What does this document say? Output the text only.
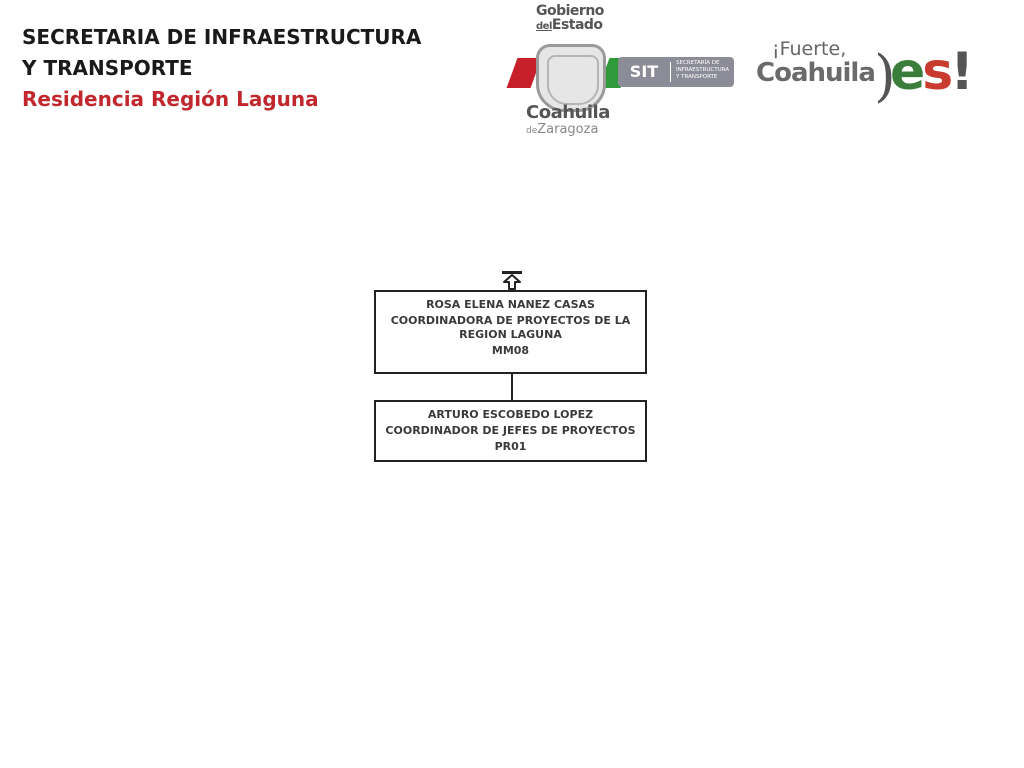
SECRETARIA DE INFRAESTRUCTURA
Y TRANSPORTE
Residencia Región Laguna
Gobierno
delEstado
Coahuila
deZaragoza
SIT	SECRETARÍA DE
INFRAESTRUCTURA
Y TRANSPORTE
¡Fuerte,
Coahuila )
es!
ROSA ELENA NANEZ CASAS
COORDINADORA DE PROYECTOS DE LA REGION LAGUNA
MM08
ARTURO ESCOBEDO LOPEZ
COORDINADOR DE JEFES DE PROYECTOS
PR01
